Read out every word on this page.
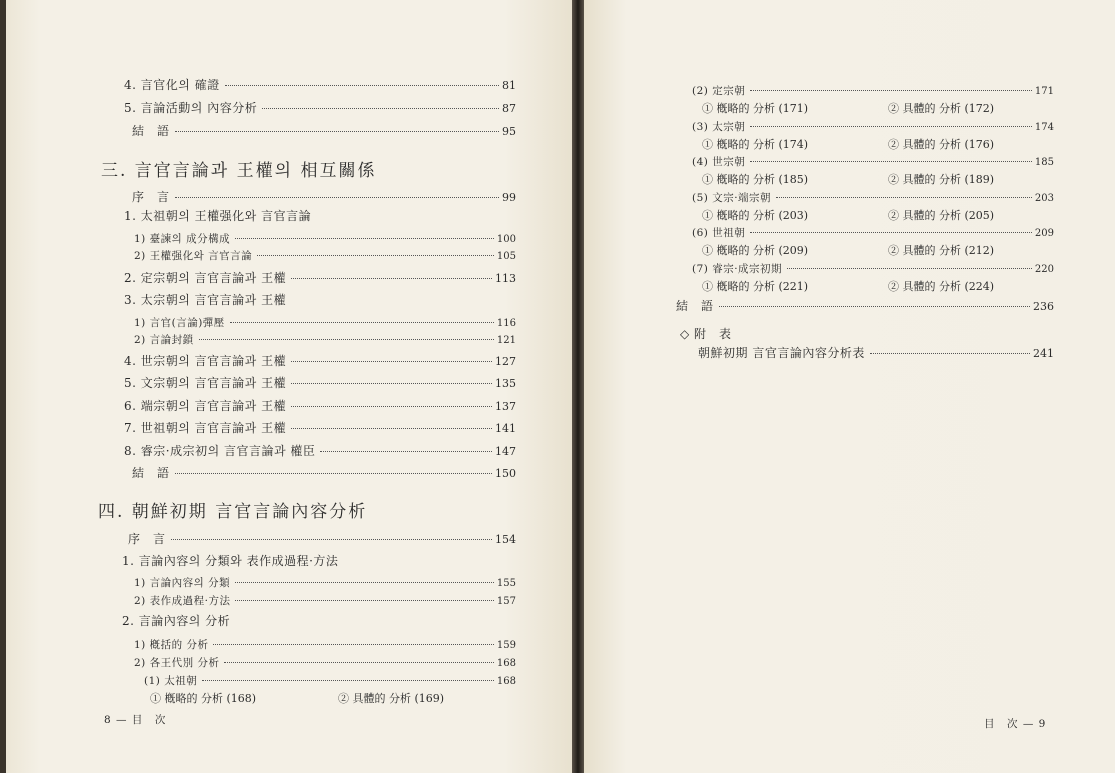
4. 言官化의 確證	81
5. 言論活動의 內容分析	87
結　語	95
三. 言官言論과 王權의 相互關係
序　言	99
1. 太祖朝의 王權强化와 言官言論
1) 臺諫의 成分構成	100
2) 王權强化와 言官言論	105
2. 定宗朝의 言官言論과 王權	113
3. 太宗朝의 言官言論과 王權
1) 言官(言論)彈壓	116
2) 言論封鎖	121
4. 世宗朝의 言官言論과 王權	127
5. 文宗朝의 言官言論과 王權	135
6. 端宗朝의 言官言論과 王權	137
7. 世祖朝의 言官言論과 王權	141
8. 睿宗·成宗初의 言官言論과 權臣	147
結　語	150
四. 朝鮮初期 言官言論內容分析
序　言	154
1. 言論內容의 分類와 表作成過程·方法
1) 言論內容의 分類	155
2) 表作成過程·方法	157
2. 言論內容의 分析
1) 槪括的 分析	159
2) 各王代別 分析	168
(1) 太祖朝	168
① 槪略的 分析 (168)	② 具體的 分析 (169)
8 — 目　次
(2) 定宗朝	171
① 槪略的 分析 (171)	② 具體的 分析 (172)
(3) 太宗朝	174
① 槪略的 分析 (174)	② 具體的 分析 (176)
(4) 世宗朝	185
① 槪略的 分析 (185)	② 具體的 分析 (189)
(5) 文宗·端宗朝	203
① 槪略的 分析 (203)	② 具體的 分析 (205)
(6) 世祖朝	209
① 槪略的 分析 (209)	② 具體的 分析 (212)
(7) 睿宗·成宗初期	220
① 槪略的 分析 (221)	② 具體的 分析 (224)
結　語	236
◇ 附　表
朝鮮初期 言官言論內容分析表	241
目　次 — 9
